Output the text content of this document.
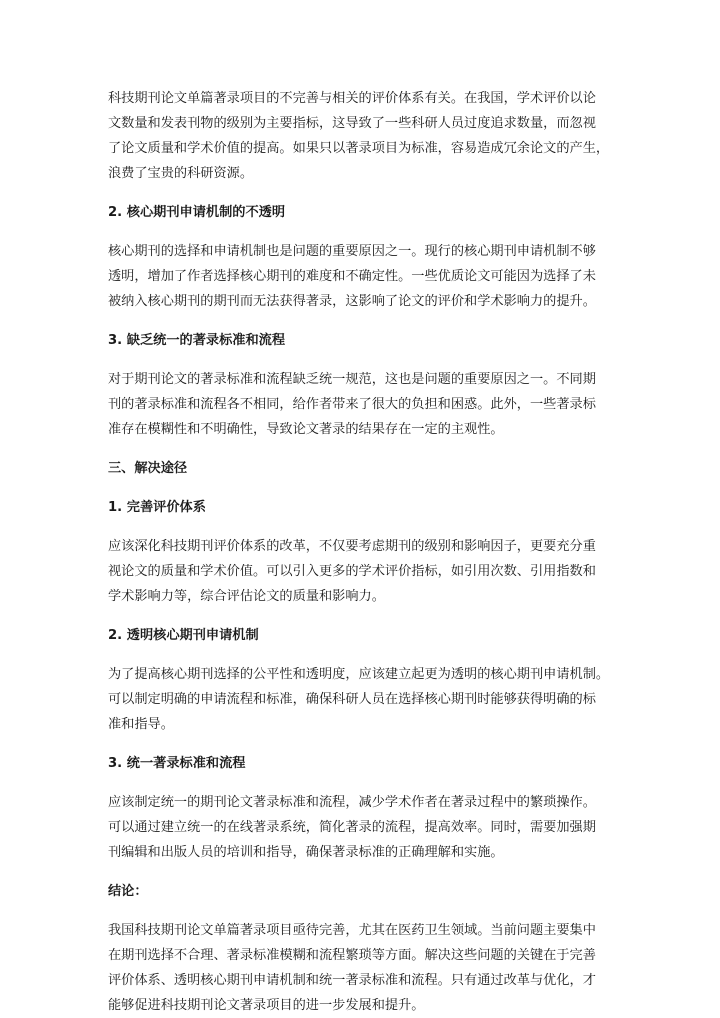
科技期刊论文单篇著录项目的不完善与相关的评价体系有关。在我国，学术评价以论
文数量和发表刊物的级别为主要指标，这导致了一些科研人员过度追求数量，而忽视
了论文质量和学术价值的提高。如果只以著录项目为标准，容易造成冗余论文的产生，
浪费了宝贵的科研资源。
2. 核心期刊申请机制的不透明
核心期刊的选择和申请机制也是问题的重要原因之一。现行的核心期刊申请机制不够
透明，增加了作者选择核心期刊的难度和不确定性。一些优质论文可能因为选择了未
被纳入核心期刊的期刊而无法获得著录，这影响了论文的评价和学术影响力的提升。
3. 缺乏统一的著录标准和流程
对于期刊论文的著录标准和流程缺乏统一规范，这也是问题的重要原因之一。不同期
刊的著录标准和流程各不相同，给作者带来了很大的负担和困惑。此外，一些著录标
准存在模糊性和不明确性，导致论文著录的结果存在一定的主观性。
三、解决途径
1. 完善评价体系
应该深化科技期刊评价体系的改革，不仅要考虑期刊的级别和影响因子，更要充分重
视论文的质量和学术价值。可以引入更多的学术评价指标，如引用次数、引用指数和
学术影响力等，综合评估论文的质量和影响力。
2. 透明核心期刊申请机制
为了提高核心期刊选择的公平性和透明度，应该建立起更为透明的核心期刊申请机制。
可以制定明确的申请流程和标准，确保科研人员在选择核心期刊时能够获得明确的标
准和指导。
3. 统一著录标准和流程
应该制定统一的期刊论文著录标准和流程，减少学术作者在著录过程中的繁琐操作。
可以通过建立统一的在线著录系统，简化著录的流程，提高效率。同时，需要加强期
刊编辑和出版人员的培训和指导，确保著录标准的正确理解和实施。
结论：
我国科技期刊论文单篇著录项目亟待完善，尤其在医药卫生领域。当前问题主要集中
在期刊选择不合理、著录标准模糊和流程繁琐等方面。解决这些问题的关键在于完善
评价体系、透明核心期刊申请机制和统一著录标准和流程。只有通过改革与优化，才
能够促进科技期刊论文著录项目的进一步发展和提升。
